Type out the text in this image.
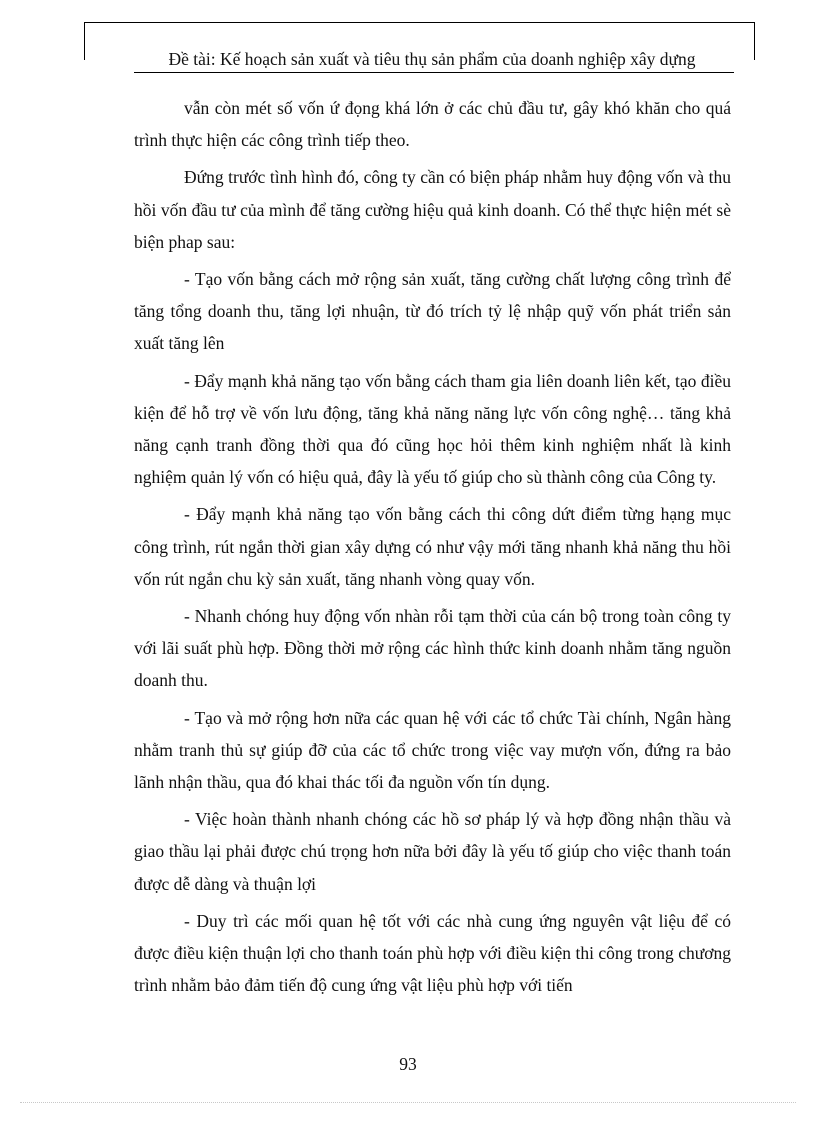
Đề tài: Kế hoạch sản xuất và tiêu thụ sản phẩm của doanh nghiệp xây dựng

vẫn còn mét số vốn ứ đọng khá lớn ở các chủ đầu tư, gây khó khăn cho quá trình thực hiện các công trình tiếp theo.

Đứng trước tình hình đó, công ty cần có biện pháp nhằm huy động vốn và thu hồi vốn đầu tư của mình để tăng cường hiệu quả kinh doanh. Có thể thực hiện mét sè biện phap sau:

- Tạo vốn bằng cách mở rộng sản xuất, tăng cường chất lượng công trình để tăng tổng doanh thu, tăng lợi nhuận, từ đó trích tỷ lệ nhập quỹ vốn phát triển sản xuất tăng lên

- Đẩy mạnh khả năng tạo vốn bằng cách tham gia liên doanh liên kết, tạo điều kiện để hỗ trợ về vốn lưu động, tăng khả năng năng lực vốn công nghệ… tăng khả năng cạnh tranh đồng thời qua đó cũng học hỏi thêm kinh nghiệm nhất là kinh nghiệm quản lý vốn có hiệu quả, đây là yếu tố giúp cho sù thành công của Công ty.

- Đẩy mạnh khả năng tạo vốn bằng cách thi công dứt điểm từng hạng mục công trình, rút ngắn thời gian xây dựng có như vậy mới tăng nhanh khả năng thu hồi vốn rút ngắn chu kỳ sản xuất, tăng nhanh vòng quay vốn.

- Nhanh chóng huy động vốn nhàn rỗi tạm thời của cán bộ trong toàn công ty với lãi suất phù hợp. Đồng thời mở rộng các hình thức kinh doanh nhằm tăng nguồn doanh thu.

- Tạo và mở rộng hơn nữa các quan hệ với các tổ chức Tài chính, Ngân hàng nhằm tranh thủ sự giúp đỡ của các tổ chức trong việc vay mượn vốn, đứng ra bảo lãnh nhận thầu, qua đó khai thác tối đa nguồn vốn tín dụng.

- Việc hoàn thành nhanh chóng các hồ sơ pháp lý và hợp đồng nhận thầu và giao thầu lại phải được chú trọng hơn nữa bởi đây là yếu tố giúp cho việc thanh toán được dễ dàng và thuận lợi

- Duy trì các mối quan hệ tốt với các nhà cung ứng nguyên vật liệu để có được điều kiện thuận lợi cho thanh toán phù hợp với điều kiện thi công trong chương trình nhằm bảo đảm tiến độ cung ứng vật liệu phù hợp với tiến

93
